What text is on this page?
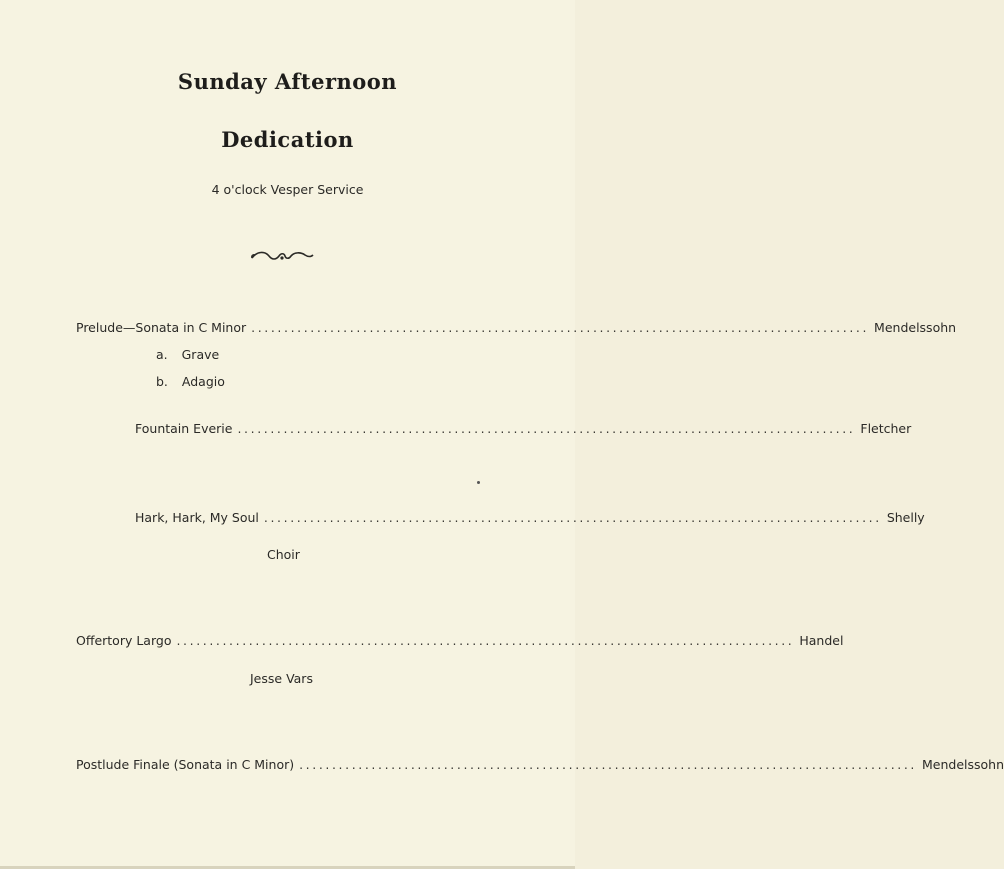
Sunday Afternoon
Dedication
4 o'clock Vesper Service
Prelude—Sonata in C Minor .............................................................................................. Mendelssohn
a. Grave
b. Adagio
Fountain Everie .............................................................................................. Fletcher
Hark, Hark, My Soul .............................................................................................. Shelly
Choir
Offertory Largo .............................................................................................. Handel
Jesse Vars
Postlude Finale (Sonata in C Minor) .............................................................................................. Mendelssohn
